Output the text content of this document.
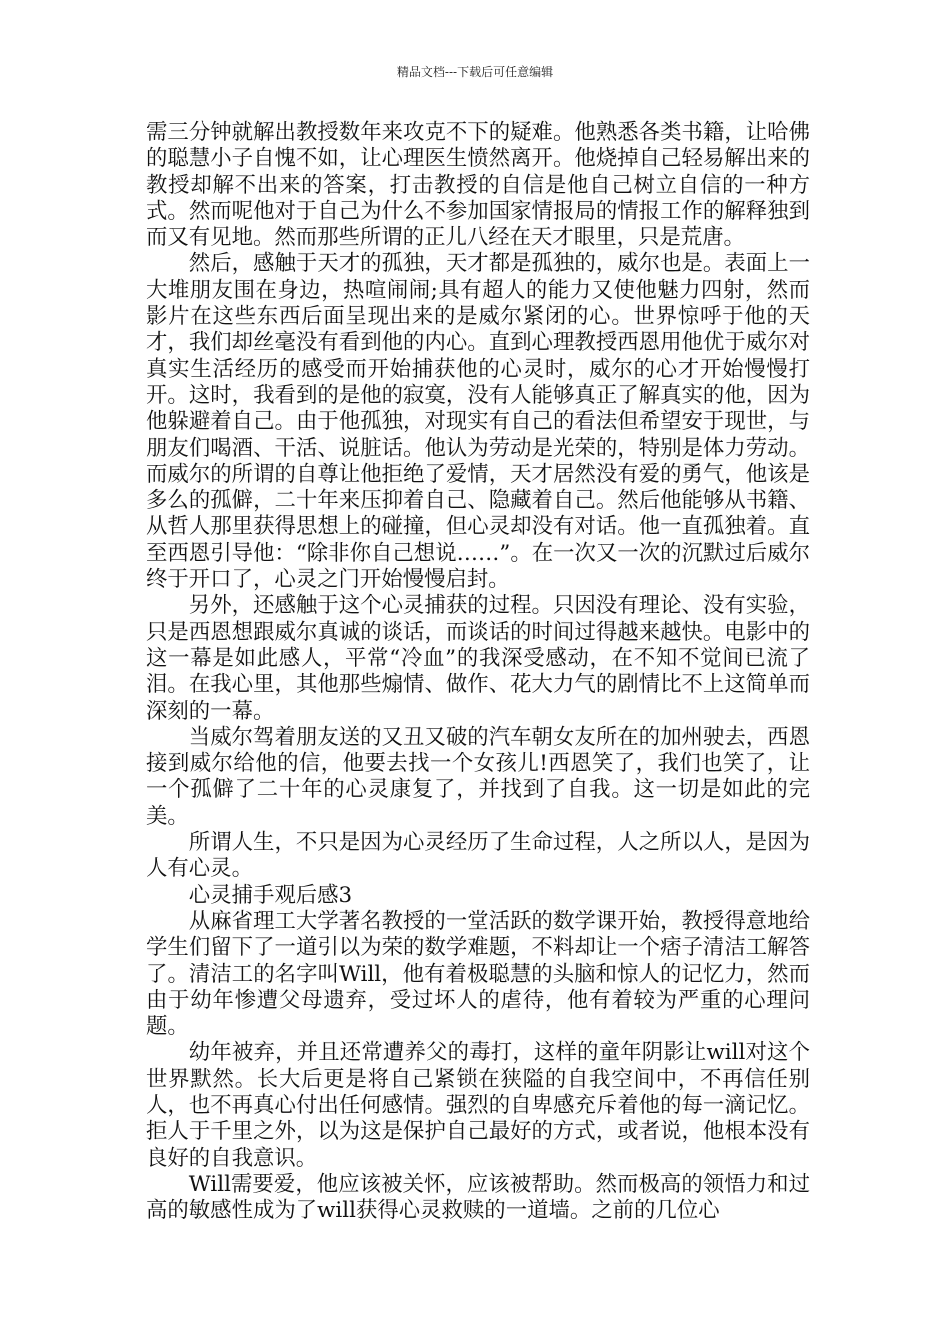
精品文档---下载后可任意编辑

需三分钟就解出教授数年来攻克不下的疑难。他熟悉各类书籍，让哈佛的聪慧小子自愧不如，让心理医生愤然离开。他烧掉自己轻易解出来的教授却解不出来的答案，打击教授的自信是他自己树立自信的一种方式。然而呢他对于自己为什么不参加国家情报局的情报工作的解释独到而又有见地。然而那些所谓的正儿八经在天才眼里，只是荒唐。

然后，感触于天才的孤独，天才都是孤独的，威尔也是。表面上一大堆朋友围在身边，热喧闹闹;具有超人的能力又使他魅力四射，然而影片在这些东西后面呈现出来的是威尔紧闭的心。世界惊呼于他的天才，我们却丝毫没有看到他的内心。直到心理教授西恩用他优于威尔对真实生活经历的感受而开始捕获他的心灵时，威尔的心才开始慢慢打开。这时，我看到的是他的寂寞，没有人能够真正了解真实的他，因为他躲避着自己。由于他孤独，对现实有自己的看法但希望安于现世，与朋友们喝酒、干活、说脏话。他认为劳动是光荣的，特别是体力劳动。而威尔的所谓的自尊让他拒绝了爱情，天才居然没有爱的勇气，他该是多么的孤僻，二十年来压抑着自己、隐藏着自己。然后他能够从书籍、从哲人那里获得思想上的碰撞，但心灵却没有对话。他一直孤独着。直至西恩引导他：“除非你自己想说……”。在一次又一次的沉默过后威尔终于开口了，心灵之门开始慢慢启封。

另外，还感触于这个心灵捕获的过程。只因没有理论、没有实验，只是西恩想跟威尔真诚的谈话，而谈话的时间过得越来越快。电影中的这一幕是如此感人，平常“冷血”的我深受感动，在不知不觉间已流了泪。在我心里，其他那些煽情、做作、花大力气的剧情比不上这简单而深刻的一幕。

当威尔驾着朋友送的又丑又破的汽车朝女友所在的加州驶去，西恩接到威尔给他的信，他要去找一个女孩儿!西恩笑了，我们也笑了，让一个孤僻了二十年的心灵康复了，并找到了自我。这一切是如此的完美。

所谓人生，不只是因为心灵经历了生命过程，人之所以人，是因为人有心灵。

心灵捕手观后感3

从麻省理工大学著名教授的一堂活跃的数学课开始，教授得意地给学生们留下了一道引以为荣的数学难题，不料却让一个痞子清洁工解答了。清洁工的名字叫Will，他有着极聪慧的头脑和惊人的记忆力，然而由于幼年惨遭父母遗弃，受过坏人的虐待，他有着较为严重的心理问题。

幼年被弃，并且还常遭养父的毒打，这样的童年阴影让will对这个世界默然。长大后更是将自己紧锁在狭隘的自我空间中，不再信任别人，也不再真心付出任何感情。强烈的自卑感充斥着他的每一滴记忆。拒人于千里之外，以为这是保护自己最好的方式，或者说，他根本没有良好的自我意识。

Will需要爱，他应该被关怀，应该被帮助。然而极高的领悟力和过高的敏感性成为了will获得心灵救赎的一道墙。之前的几位心
